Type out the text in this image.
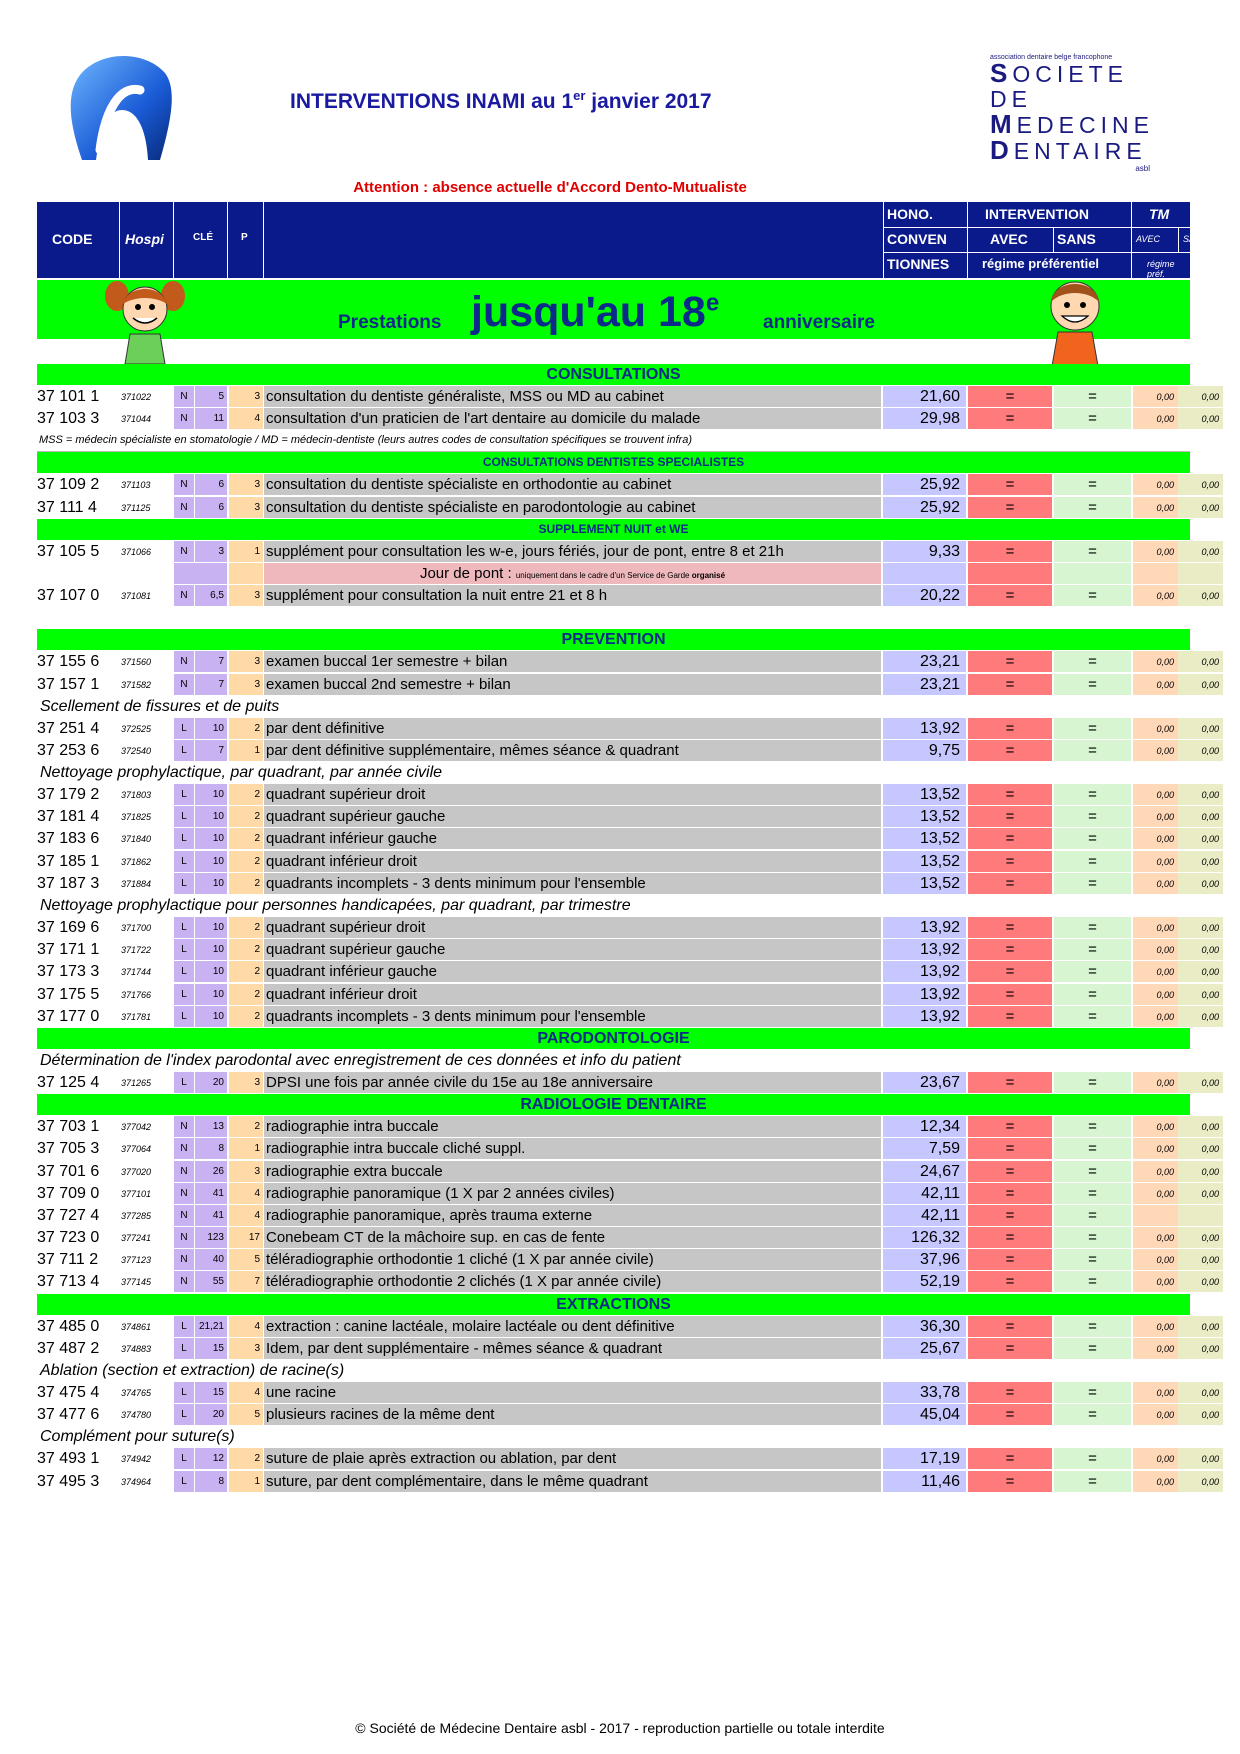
INTERVENTIONS INAMI au 1er janvier 2017
association dentaire belge francophone
SOCIETE DE
MEDECINE
DENTAIRE
asbl
Attention : absence actuelle d'Accord Dento-Mutualiste
CODE Hospi	CLÉ	P
HONO.
CONVEN
TIONNES
INTERVENTION
AVEC SANS
régime préférentiel
TM
AVEC	SANS
régime préf.
Prestations jusqu'au 18e
anniversaire
CONSULTATIONS
37 101 1	371022	N	5	3 consultation du dentiste généraliste, MSS ou MD au cabinet	21,60	=	=	0,00	0,00
37 103 3	371044	N	11	4 consultation d'un praticien de l'art dentaire au domicile du malade	29,98	=	=	0,00	0,00
MSS = médecin spécialiste en stomatologie / MD = médecin-dentiste (leurs autres codes de consultation spécifiques se trouvent infra)
CONSULTATIONS DENTISTES SPECIALISTES
37 109 2	371103	N	6	3 consultation du dentiste spécialiste en orthodontie au cabinet	25,92	=	=	0,00	0,00
37 111 4	371125	N	6	3 consultation du dentiste spécialiste en parodontologie au cabinet	25,92	=	=	0,00	0,00
SUPPLEMENT NUIT et WE
37 105 5	371066	N	3	1 supplément pour consultation les w-e, jours fériés, jour de pont, entre 8 et 21h	9,33	=	=	0,00	0,00
Jour de pont : uniquement dans le cadre d'un Service de Garde organisé
37 107 0	371081	N	6,5	3 supplément pour consultation la nuit entre 21 et 8 h	20,22	=	=	0,00	0,00
PREVENTION
37 155 6	371560	N	7	3 examen buccal 1er semestre + bilan	23,21	=	=	0,00	0,00
37 157 1	371582	N	7	3 examen buccal 2nd semestre + bilan	23,21	=	=	0,00	0,00
Scellement de fissures et de puits
37 251 4	372525	L	10	2 par dent définitive	13,92	=	=	0,00	0,00
37 253 6	372540	L	7	1 par dent définitive supplémentaire, mêmes séance & quadrant	9,75	=	=	0,00	0,00
Nettoyage prophylactique, par quadrant, par année civile
37 179 2	371803	L	10	2 quadrant supérieur droit	13,52	=	=	0,00	0,00
37 181 4	371825	L	10	2 quadrant supérieur gauche	13,52	=	=	0,00	0,00
37 183 6	371840	L	10	2 quadrant inférieur gauche	13,52	=	=	0,00	0,00
37 185 1	371862	L	10	2 quadrant inférieur droit	13,52	=	=	0,00	0,00
37 187 3	371884	L	10	2 quadrants incomplets - 3 dents minimum pour l'ensemble	13,52	=	=	0,00	0,00
Nettoyage prophylactique pour personnes handicapées, par quadrant, par trimestre
37 169 6	371700	L	10	2 quadrant supérieur droit	13,92	=	=	0,00	0,00
37 171 1	371722	L	10	2 quadrant supérieur gauche	13,92	=	=	0,00	0,00
37 173 3	371744	L	10	2 quadrant inférieur gauche	13,92	=	=	0,00	0,00
37 175 5	371766	L	10	2 quadrant inférieur droit	13,92	=	=	0,00	0,00
37 177 0	371781	L	10	2 quadrants incomplets - 3 dents minimum pour l'ensemble	13,92	=	=	0,00	0,00
PARODONTOLOGIE
Détermination de l'index parodontal avec enregistrement de ces données et info du patient
37 125 4	371265	L	20	3 DPSI une fois par année civile du 15e au 18e anniversaire	23,67	=	=	0,00	0,00
RADIOLOGIE DENTAIRE
37 703 1	377042	N	13	2 radiographie intra buccale	12,34	=	=	0,00	0,00
37 705 3	377064	N	8	1 radiographie intra buccale cliché suppl.	7,59	=	=	0,00	0,00
37 701 6	377020	N	26	3 radiographie extra buccale	24,67	=	=	0,00	0,00
37 709 0	377101	N	41	4 radiographie panoramique (1 X par 2 années civiles)	42,11	=	=	0,00	0,00
37 727 4	377285	N	41	4 radiographie panoramique, après trauma externe	42,11	=	=
37 723 0	377241	N	123	17 Conebeam CT de la mâchoire sup. en cas de fente	126,32	=	=	0,00	0,00
37 711 2	377123	N	40	5 téléradiographie orthodontie 1 cliché (1 X par année civile)	37,96	=	=	0,00	0,00
37 713 4	377145	N	55	7 téléradiographie orthodontie 2 clichés (1 X par année civile)	52,19	=	=	0,00	0,00
EXTRACTIONS
37 485 0	374861	L	21,21	4 extraction : canine lactéale, molaire lactéale ou dent définitive	36,30	=	=	0,00	0,00
37 487 2	374883	L	15	3 Idem, par dent supplémentaire - mêmes séance & quadrant	25,67	=	=	0,00	0,00
Ablation (section et extraction) de racine(s)
37 475 4	374765	L	15	4 une racine	33,78	=	=	0,00	0,00
37 477 6	374780	L	20	5 plusieurs racines de la même dent	45,04	=	=	0,00	0,00
Complément pour suture(s)
37 493 1	374942	L	12	2 suture de plaie après extraction ou ablation, par dent	17,19	=	=	0,00	0,00
37 495 3	374964	L	8	1 suture, par dent complémentaire, dans le même quadrant	11,46	=	=	0,00	0,00
© Société de Médecine Dentaire asbl - 2017 - reproduction partielle ou totale interdite
